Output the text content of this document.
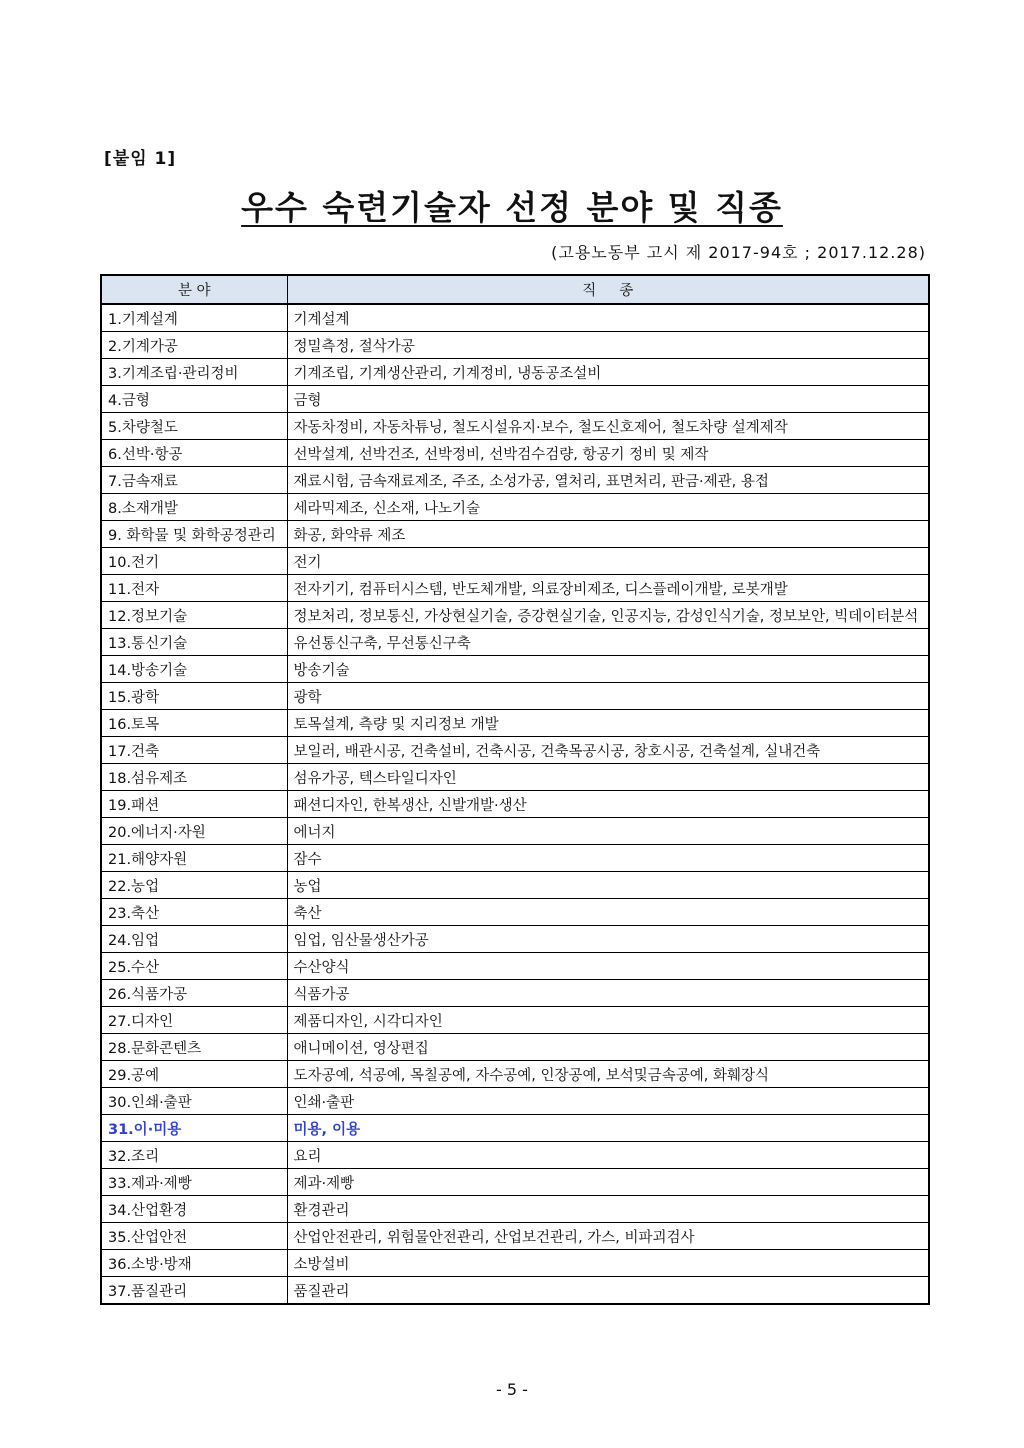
[붙임 1]
우수 숙련기술자 선정 분야 및 직종
(고용노동부 고시 제 2017-94호 ; 2017.12.28)
분 야	직     종
1.기계설계	기계설계
2.기계가공	정밀측정, 절삭가공
3.기계조립·관리정비	기계조립, 기계생산관리, 기계정비, 냉동공조설비
4.금형	금형
5.차량철도	자동차정비, 자동차튜닝, 철도시설유지·보수, 철도신호제어, 철도차량 설계제작
6.선박·항공	선박설계, 선박건조, 선박정비, 선박검수검량, 항공기 정비 및 제작
7.금속재료	재료시험, 금속재료제조, 주조, 소성가공, 열처리, 표면처리, 판금·제관, 용접
8.소재개발	세라믹제조, 신소재, 나노기술
9. 화학물 및 화학공정관리	화공, 화약류 제조
10.전기	전기
11.전자	전자기기, 컴퓨터시스템, 반도체개발, 의료장비제조, 디스플레이개발, 로봇개발
12.정보기술	정보처리, 정보통신, 가상현실기술, 증강현실기술, 인공지능, 감성인식기술, 정보보안, 빅데이터분석
13.통신기술	유선통신구축, 무선통신구축
14.방송기술	방송기술
15.광학	광학
16.토목	토목설계, 측량 및 지리정보 개발
17.건축	보일러, 배관시공, 건축설비, 건축시공, 건축목공시공, 창호시공, 건축설계, 실내건축
18.섬유제조	섬유가공, 텍스타일디자인
19.패션	패션디자인, 한복생산, 신발개발·생산
20.에너지·자원	에너지
21.해양자원	잠수
22.농업	농업
23.축산	축산
24.임업	임업, 임산물생산가공
25.수산	수산양식
26.식품가공	식품가공
27.디자인	제품디자인, 시각디자인
28.문화콘텐츠	애니메이션, 영상편집
29.공예	도자공예, 석공예, 목칠공예, 자수공예, 인장공예, 보석및금속공예, 화훼장식
30.인쇄·출판	인쇄·출판
31.이·미용	미용, 이용
32.조리	요리
33.제과·제빵	제과·제빵
34.산업환경	환경관리
35.산업안전	산업안전관리, 위험물안전관리, 산업보건관리, 가스, 비파괴검사
36.소방·방재	소방설비
37.품질관리	품질관리
- 5 -
